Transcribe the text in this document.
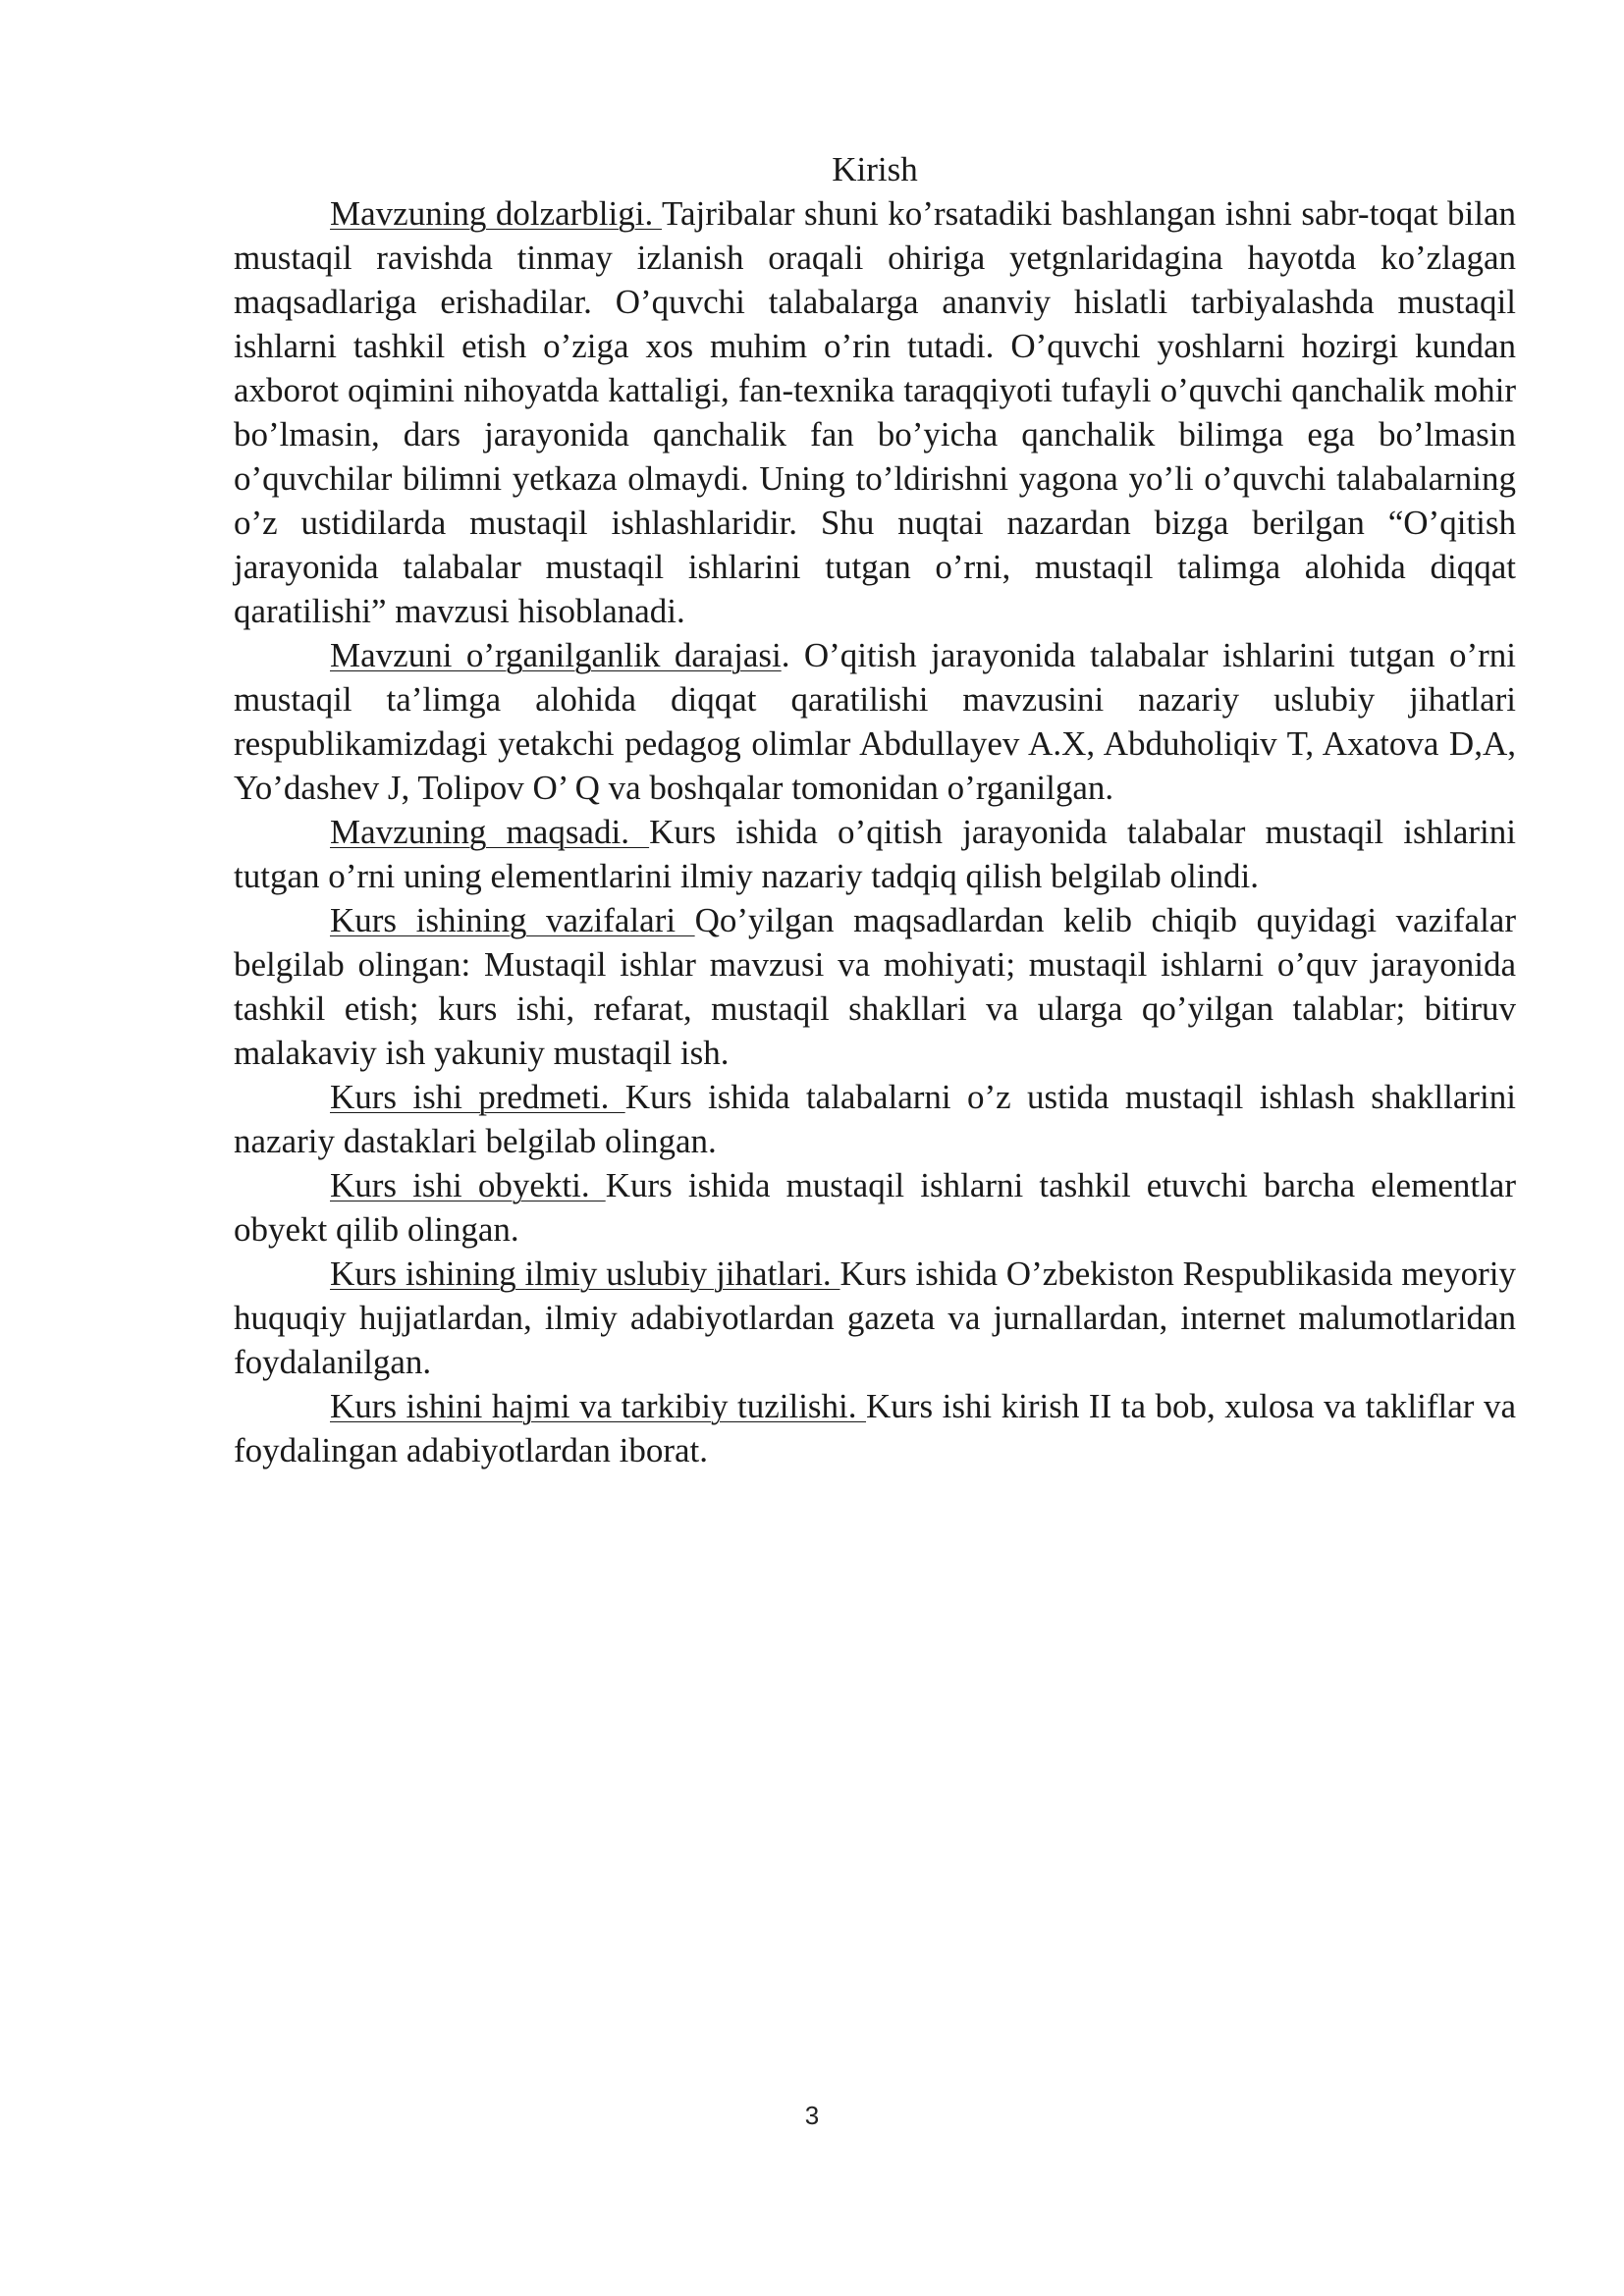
Kirish

Mavzuning dolzarbligi. Tajribalar shuni ko’rsatadiki bashlangan ishni sabr-toqat bilan mustaqil ravishda tinmay izlanish oraqali ohiriga yetgnlaridagina hayotda ko’zlagan maqsadlariga erishadilar. O’quvchi talabalarga ananviy hislatli tarbiyalashda mustaqil ishlarni tashkil etish o’ziga xos muhim o’rin tutadi. O’quvchi yoshlarni hozirgi kundan axborot oqimini nihoyatda kattaligi, fan-texnika taraqqiyoti tufayli o’quvchi qanchalik mohir bo’lmasin, dars jarayonida qanchalik fan bo’yicha qanchalik bilimga ega bo’lmasin o’quvchilar bilimni yetkaza olmaydi. Uning to’ldirishni yagona yo’li o’quvchi talabalarning o’z ustidilarda mustaqil ishlashlaridir. Shu nuqtai nazardan bizga berilgan “O’qitish jarayonida talabalar mustaqil ishlarini tutgan o’rni, mustaqil talimga alohida diqqat qaratilishi” mavzusi hisoblanadi.

Mavzuni o’rganilganlik darajasi. O’qitish jarayonida talabalar ishlarini tutgan o’rni mustaqil ta’limga alohida diqqat qaratilishi mavzusini nazariy uslubiy jihatlari respublikamizdagi yetakchi pedagog olimlar Abdullayev A.X, Abduholiqiv T, Axatova D,A, Yo’dashev J, Tolipov O’ Q va boshqalar tomonidan o’rganilgan.

Mavzuning maqsadi. Kurs ishida o’qitish jarayonida talabalar mustaqil ishlarini tutgan o’rni uning elementlarini ilmiy nazariy tadqiq qilish belgilab olindi.

Kurs ishining vazifalari Qo’yilgan maqsadlardan kelib chiqib quyidagi vazifalar belgilab olingan: Mustaqil ishlar mavzusi va mohiyati; mustaqil ishlarni o’quv jarayonida tashkil etish; kurs ishi, refarat, mustaqil shakllari va ularga qo’yilgan talablar; bitiruv malakaviy ish yakuniy mustaqil ish.

Kurs ishi predmeti. Kurs ishida talabalarni o’z ustida mustaqil ishlash shakllarini nazariy dastaklari belgilab olingan.

Kurs ishi obyekti. Kurs ishida mustaqil ishlarni tashkil etuvchi barcha elementlar obyekt qilib olingan.

Kurs ishining ilmiy uslubiy jihatlari. Kurs ishida O’zbekiston Respublikasida meyoriy huquqiy hujjatlardan, ilmiy adabiyotlardan gazeta va jurnallardan, internet malumotlaridan foydalanilgan.

Kurs ishini hajmi va tarkibiy tuzilishi. Kurs ishi kirish II ta bob, xulosa va takliflar va foydalingan adabiyotlardan iborat.

3
